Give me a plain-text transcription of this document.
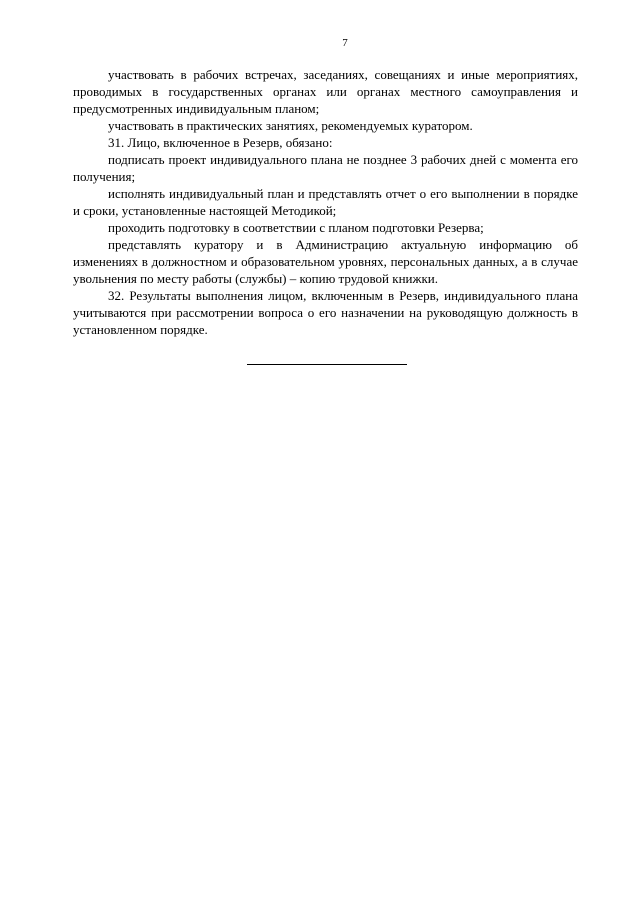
7

участвовать в рабочих встречах, заседаниях, совещаниях и иные мероприятиях, проводимых в государственных органах или органах местного самоуправления и предусмотренных индивидуальным планом;

участвовать в практических занятиях, рекомендуемых куратором.

31. Лицо, включенное в Резерв, обязано:

подписать проект индивидуального плана не позднее 3 рабочих дней с момента его получения;

исполнять индивидуальный план и представлять отчет о его выполнении в порядке и сроки, установленные настоящей Методикой;

проходить подготовку в соответствии с планом подготовки Резерва;

представлять куратору и в Администрацию актуальную информацию об изменениях в должностном и образовательном уровнях, персональных данных, а в случае увольнения по месту работы (службы) – копию трудовой книжки.

32. Результаты выполнения лицом, включенным в Резерв, индивидуального плана учитываются при рассмотрении вопроса о его назначении на руководящую должность в установленном порядке.
